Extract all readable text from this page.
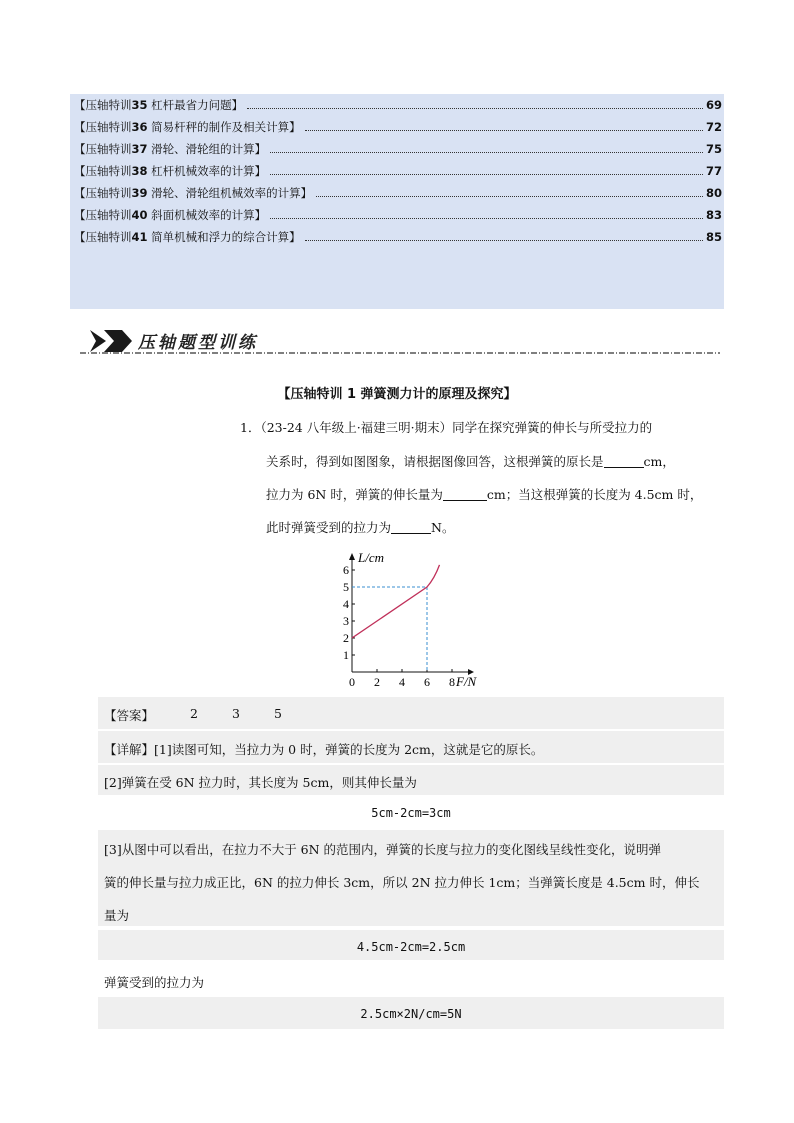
【压轴特训35 杠杆最省力问题】	69
【压轴特训36 简易杆秤的制作及相关计算】	72
【压轴特训37 滑轮、滑轮组的计算】	75
【压轴特训38 杠杆机械效率的计算】	77
【压轴特训39 滑轮、滑轮组机械效率的计算】	80
【压轴特训40 斜面机械效率的计算】	83
【压轴特训41 简单机械和浮力的综合计算】	85
压轴题型训练
【压轴特训 1 弹簧测力计的原理及探究】
1．（23-24 八年级上·福建三明·期末）同学在探究弹簧的伸长与所受拉力的
关系时，得到如图图象，请根据图像回答，这根弹簧的原长是	cm，
拉力为 6N 时，弹簧的伸长量为	cm；当这根弹簧的长度为 4.5cm 时，
此时弹簧受到的拉力为	N。
L/cm
F/N
0 2 4 6 8
1
2
3
4
5
6
【答案】	2	3	5
【详解】[1]读图可知，当拉力为 0 时，弹簧的长度为 2cm，这就是它的原长。
[2]弹簧在受 6N 拉力时，其长度为 5cm，则其伸长量为
5cm-2cm=3cm
[3]从图中可以看出，在拉力不大于 6N 的范围内，弹簧的长度与拉力的变化图线呈线性变化，说明弹
簧的伸长量与拉力成正比，6N 的拉力伸长 3cm，所以 2N 拉力伸长 1cm；当弹簧长度是 4.5cm 时，伸长
量为
4.5cm-2cm=2.5cm
弹簧受到的拉力为
2.5cm×2N/cm=5N
